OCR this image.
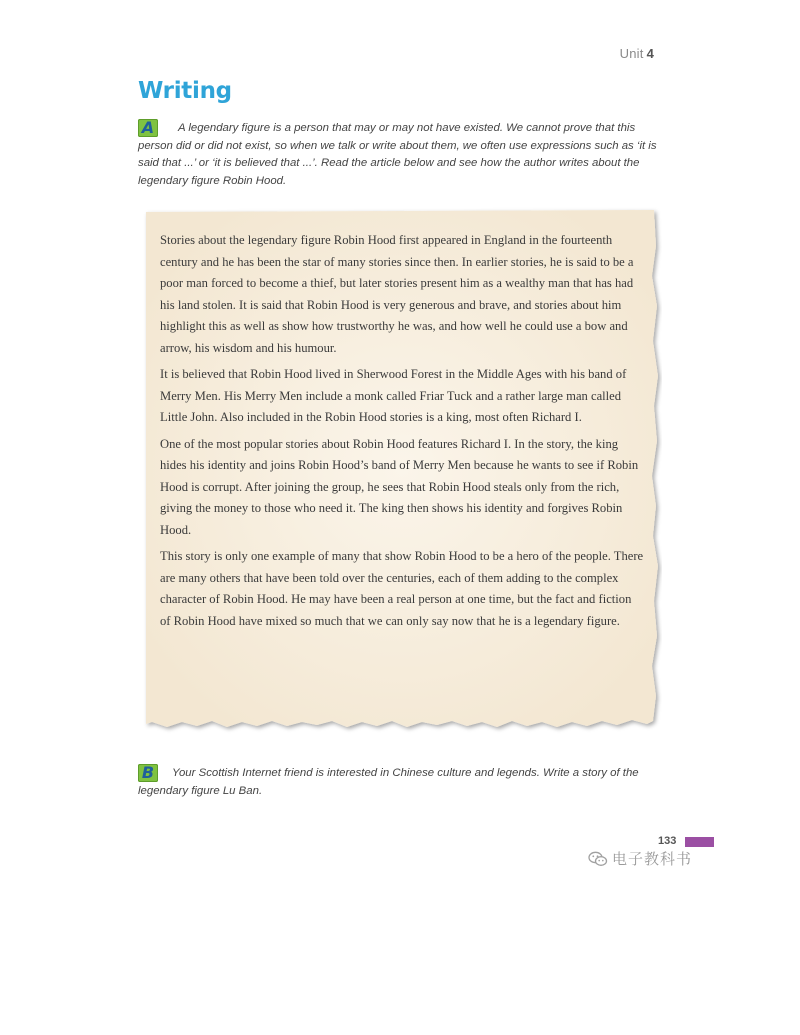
Unit 4
Writing
A A legendary figure is a person that may or may not have existed. We cannot prove that this person did or did not exist, so when we talk or write about them, we often use expressions such as ‘it is said that ...’ or ‘it is believed that ...’. Read the article below and see how the author writes about the legendary figure Robin Hood.

Stories about the legendary figure Robin Hood first appeared in England in the fourteenth century and he has been the star of many stories since then. In earlier stories, he is said to be a poor man forced to become a thief, but later stories present him as a wealthy man that has had his land stolen. It is said that Robin Hood is very generous and brave, and stories about him highlight this as well as show how trustworthy he was, and how well he could use a bow and arrow, his wisdom and his humour.

It is believed that Robin Hood lived in Sherwood Forest in the Middle Ages with his band of Merry Men. His Merry Men include a monk called Friar Tuck and a rather large man called Little John. Also included in the Robin Hood stories is a king, most often Richard I.

One of the most popular stories about Robin Hood features Richard I. In the story, the king hides his identity and joins Robin Hood’s band of Merry Men because he wants to see if Robin Hood is corrupt. After joining the group, he sees that Robin Hood steals only from the rich, giving the money to those who need it. The king then shows his identity and forgives Robin Hood.

This story is only one example of many that show Robin Hood to be a hero of the people. There are many others that have been told over the centuries, each of them adding to the complex character of Robin Hood. He may have been a real person at one time, but the fact and fiction of Robin Hood have mixed so much that we can only say now that he is a legendary figure.

B Your Scottish Internet friend is interested in Chinese culture and legends. Write a story of the legendary figure Lu Ban.
133
电子教科书
